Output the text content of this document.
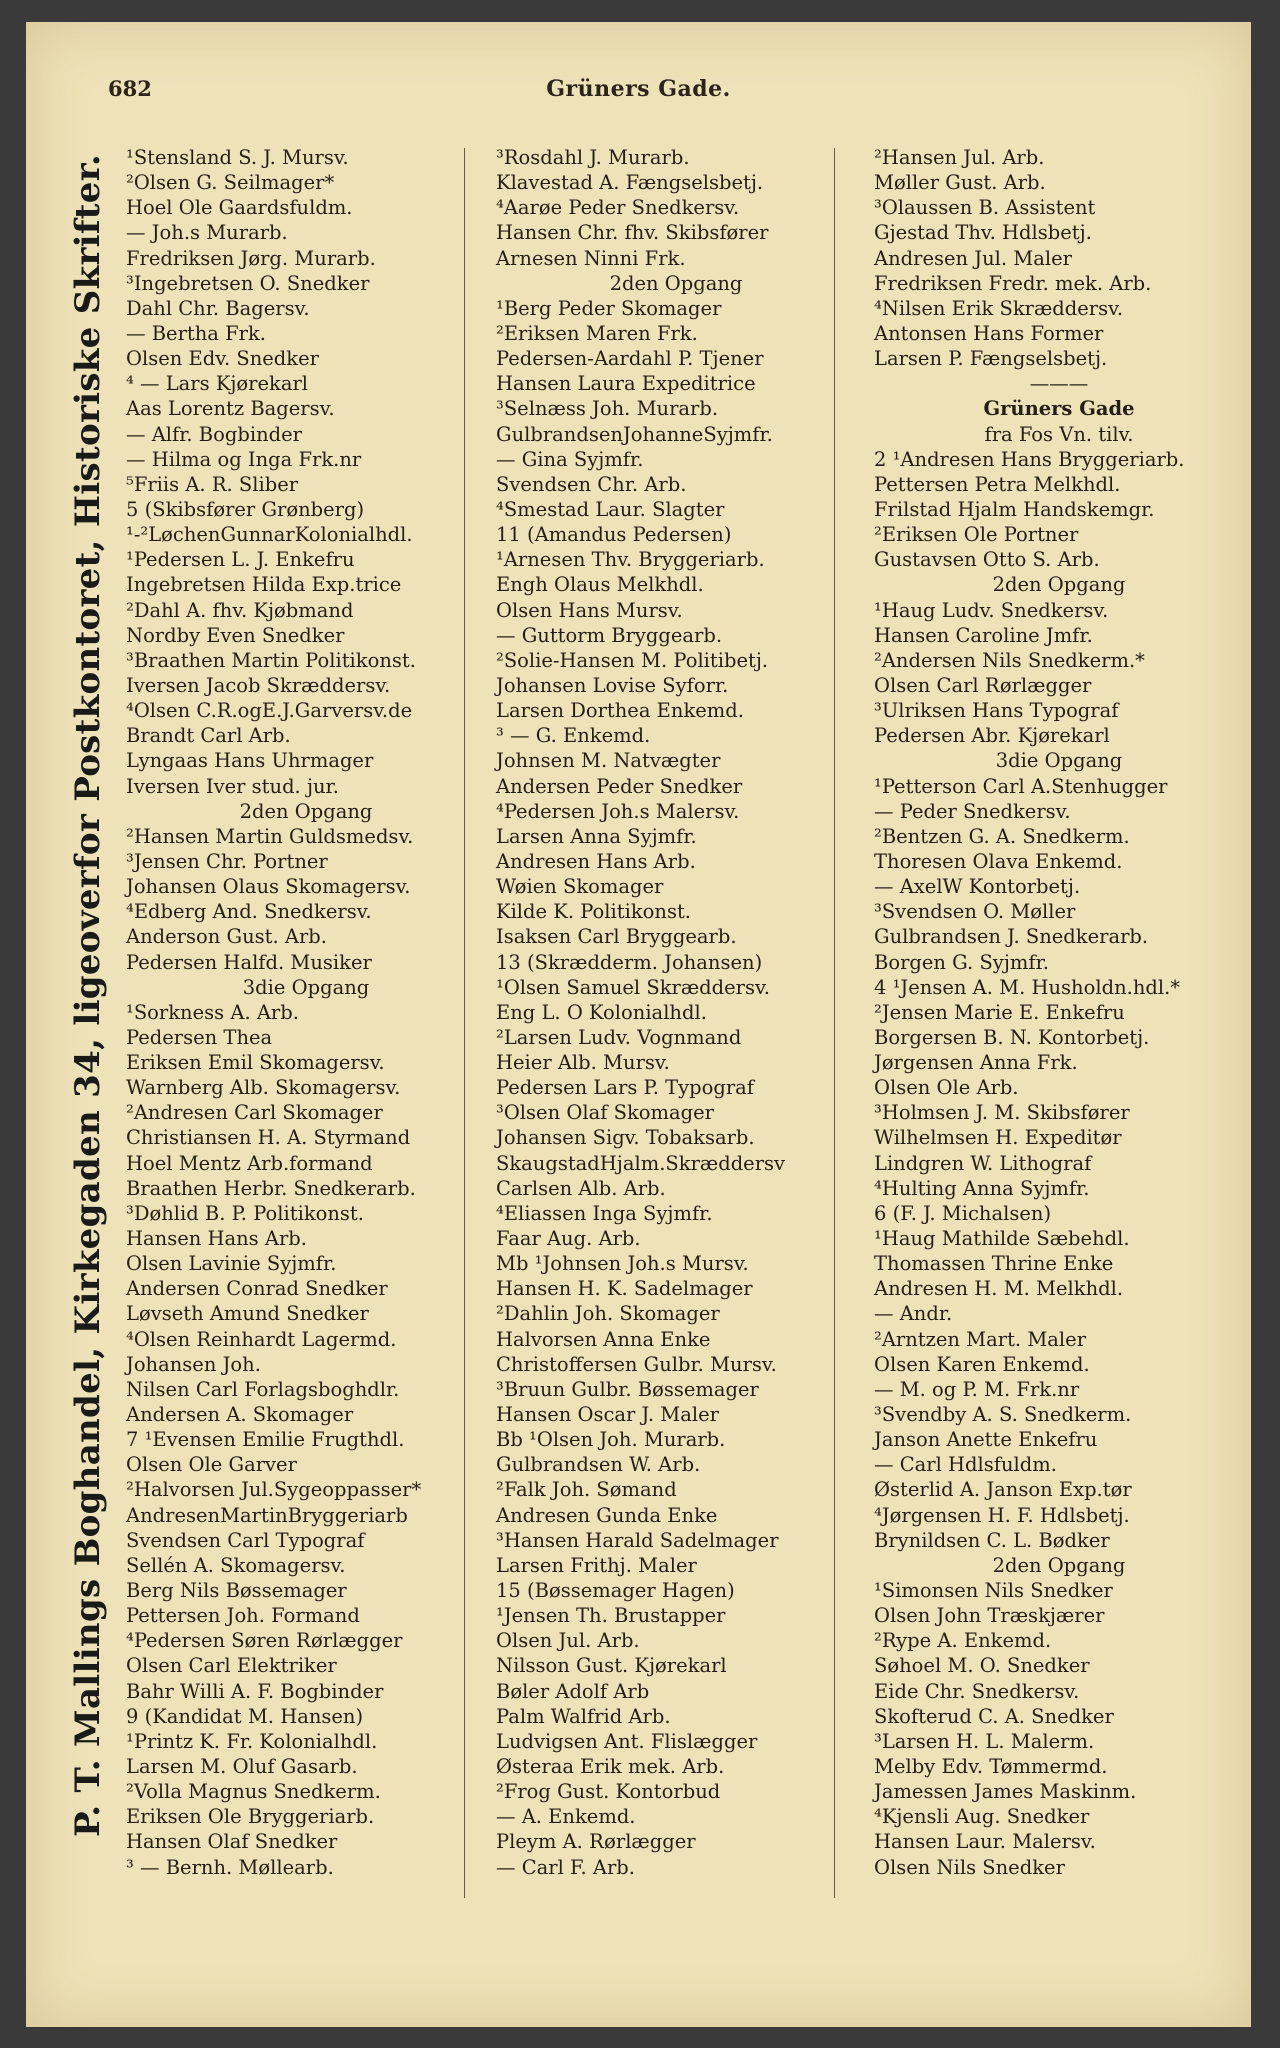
682	Grüners Gade.
P. T. Mallings Boghandel, Kirkegaden 34, ligeoverfor Postkontoret, Historiske Skrifter. ¹Stensland S. J. Mursv.
²Olsen G. Seilmager*
Hoel Ole Gaardsfuldm.
— Joh.s Murarb.
Fredriksen Jørg. Murarb.
³Ingebretsen O. Snedker
Dahl Chr. Bagersv.
— Bertha Frk.
Olsen Edv. Snedker
⁴ — Lars Kjørekarl
Aas Lorentz Bagersv.
— Alfr. Bogbinder
— Hilma og Inga Frk.nr
⁵Friis A. R. Sliber
5 (Skibsfører Grønberg)
¹-²LøchenGunnarKolonialhdl.
¹Pedersen L. J. Enkefru
Ingebretsen Hilda Exp.trice
²Dahl A. fhv. Kjøbmand
Nordby Even Snedker
³Braathen Martin Politikonst.
Iversen Jacob Skræddersv.
⁴Olsen C.R.ogE.J.Garversv.de
Brandt Carl Arb.
Lyngaas Hans Uhrmager
Iversen Iver stud. jur.
2den Opgang
²Hansen Martin Guldsmedsv.
³Jensen Chr. Portner
Johansen Olaus Skomagersv.
⁴Edberg And. Snedkersv.
Anderson Gust. Arb.
Pedersen Halfd. Musiker
3die Opgang
¹Sorkness A. Arb.
Pedersen Thea
Eriksen Emil Skomagersv.
Warnberg Alb. Skomagersv.
²Andresen Carl Skomager
Christiansen H. A. Styrmand
Hoel Mentz Arb.formand
Braathen Herbr. Snedkerarb.
³Døhlid B. P. Politikonst.
Hansen Hans Arb.
Olsen Lavinie Syjmfr.
Andersen Conrad Snedker
Løvseth Amund Snedker
⁴Olsen Reinhardt Lagermd.
Johansen Joh.
Nilsen Carl Forlagsboghdlr.
Andersen A. Skomager
7 ¹Evensen Emilie Frugthdl.
Olsen Ole Garver
²Halvorsen Jul.Sygeoppasser*
AndresenMartinBryggeriarb
Svendsen Carl Typograf
Sellén A. Skomagersv.
Berg Nils Bøssemager
Pettersen Joh. Formand
⁴Pedersen Søren Rørlægger
Olsen Carl Elektriker
Bahr Willi A. F. Bogbinder
9 (Kandidat M. Hansen)
¹Printz K. Fr. Kolonialhdl.
Larsen M. Oluf Gasarb.
²Volla Magnus Snedkerm.
Eriksen Ole Bryggeriarb.
Hansen Olaf Snedker
³ — Bernh. Møllearb.
³Rosdahl J. Murarb.
Klavestad A. Fængselsbetj.
⁴Aarøe Peder Snedkersv.
Hansen Chr. fhv. Skibsfører
Arnesen Ninni Frk.
2den Opgang
¹Berg Peder Skomager
²Eriksen Maren Frk.
Pedersen-Aardahl P. Tjener
Hansen Laura Expeditrice
³Selnæss Joh. Murarb.
GulbrandsenJohanneSyjmfr.
— Gina Syjmfr.
Svendsen Chr. Arb.
⁴Smestad Laur. Slagter
11 (Amandus Pedersen)
¹Arnesen Thv. Bryggeriarb.
Engh Olaus Melkhdl.
Olsen Hans Mursv.
— Guttorm Bryggearb.
²Solie-Hansen M. Politibetj.
Johansen Lovise Syforr.
Larsen Dorthea Enkemd.
³ — G. Enkemd.
Johnsen M. Natvægter
Andersen Peder Snedker
⁴Pedersen Joh.s Malersv.
Larsen Anna Syjmfr.
Andresen Hans Arb.
Wøien Skomager
Kilde K. Politikonst.
Isaksen Carl Bryggearb.
13 (Skrædderm. Johansen)
¹Olsen Samuel Skræddersv.
Eng L. O Kolonialhdl.
²Larsen Ludv. Vognmand
Heier Alb. Mursv.
Pedersen Lars P. Typograf
³Olsen Olaf Skomager
Johansen Sigv. Tobaksarb.
SkaugstadHjalm.Skræddersv
Carlsen Alb. Arb.
⁴Eliassen Inga Syjmfr.
Faar Aug. Arb.
Mb ¹Johnsen Joh.s Mursv.
Hansen H. K. Sadelmager
²Dahlin Joh. Skomager
Halvorsen Anna Enke
Christoffersen Gulbr. Mursv.
³Bruun Gulbr. Bøssemager
Hansen Oscar J. Maler
Bb ¹Olsen Joh. Murarb.
Gulbrandsen W. Arb.
²Falk Joh. Sømand
Andresen Gunda Enke
³Hansen Harald Sadelmager
Larsen Frithj. Maler
15 (Bøssemager Hagen)
¹Jensen Th. Brustapper
Olsen Jul. Arb.
Nilsson Gust. Kjørekarl
Bøler Adolf Arb
Palm Walfrid Arb.
Ludvigsen Ant. Flislægger
Østeraa Erik mek. Arb.
²Frog Gust. Kontorbud
— A. Enkemd.
Pleym A. Rørlægger
— Carl F. Arb.
²Hansen Jul. Arb.
Møller Gust. Arb.
³Olaussen B. Assistent
Gjestad Thv. Hdlsbetj.
Andresen Jul. Maler
Fredriksen Fredr. mek. Arb.
⁴Nilsen Erik Skræddersv.
Antonsen Hans Former
Larsen P. Fængselsbetj.
———
Grüners Gade
fra Fos Vn. tilv.
2 ¹Andresen Hans Bryggeriarb.
Pettersen Petra Melkhdl.
Frilstad Hjalm Handskemgr.
²Eriksen Ole Portner
Gustavsen Otto S. Arb.
2den Opgang
¹Haug Ludv. Snedkersv.
Hansen Caroline Jmfr.
²Andersen Nils Snedkerm.*
Olsen Carl Rørlægger
³Ulriksen Hans Typograf
Pedersen Abr. Kjørekarl
3die Opgang
¹Petterson Carl A.Stenhugger
— Peder Snedkersv.
²Bentzen G. A. Snedkerm.
Thoresen Olava Enkemd.
— AxelW Kontorbetj.
³Svendsen O. Møller
Gulbrandsen J. Snedkerarb.
Borgen G. Syjmfr.
4 ¹Jensen A. M. Husholdn.hdl.*
²Jensen Marie E. Enkefru
Borgersen B. N. Kontorbetj.
Jørgensen Anna Frk.
Olsen Ole Arb.
³Holmsen J. M. Skibsfører
Wilhelmsen H. Expeditør
Lindgren W. Lithograf
⁴Hulting Anna Syjmfr.
6 (F. J. Michalsen)
¹Haug Mathilde Sæbehdl.
Thomassen Thrine Enke
Andresen H. M. Melkhdl.
— Andr.
²Arntzen Mart. Maler
Olsen Karen Enkemd.
— M. og P. M. Frk.nr
³Svendby A. S. Snedkerm.
Janson Anette Enkefru
— Carl Hdlsfuldm.
Østerlid A. Janson Exp.tør
⁴Jørgensen H. F. Hdlsbetj.
Brynildsen C. L. Bødker
2den Opgang
¹Simonsen Nils Snedker
Olsen John Træskjærer
²Rype A. Enkemd.
Søhoel M. O. Snedker
Eide Chr. Snedkersv.
Skofterud C. A. Snedker
³Larsen H. L. Malerm.
Melby Edv. Tømmermd.
Jamessen James Maskinm.
⁴Kjensli Aug. Snedker
Hansen Laur. Malersv.
Olsen Nils Snedker
